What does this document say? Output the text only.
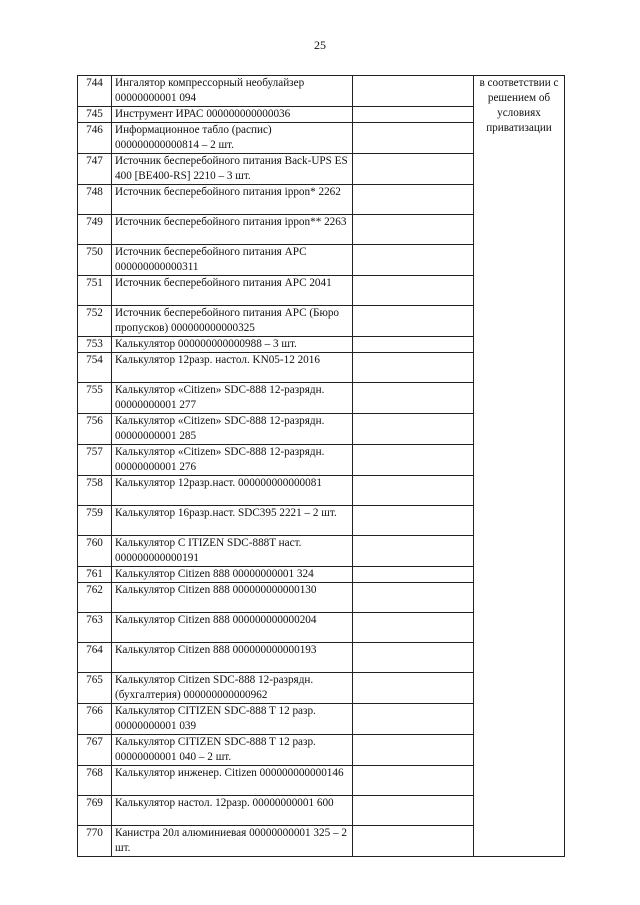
25
744	Ингалятор компрессорный необулайзер 00000000001 094		в соответствии с решением об условиях приватизации
745	Инструмент ИРАС 000000000000036		
746	Информационное табло (распис) 000000000000814 – 2 шт.		
747	Источник бесперебойного питания Back-UPS ES 400 [BE400-RS] 2210 – 3 шт.		
748	Источник бесперебойного питания ippon* 2262		
749	Источник бесперебойного питания ippon** 2263		
750	Источник бесперебойного питания АРС 000000000000311		
751	Источник бесперебойного питания АРС 2041		
752	Источник бесперебойного питания АРС (Бюро пропусков) 000000000000325		
753	Калькулятор 000000000000988 – 3 шт.		
754	Калькулятор 12разр. настол. KN05-12 2016		
755	Калькулятор «Citizen» SDC-888 12-разрядн. 00000000001 277		
756	Калькулятор «Citizen» SDC-888 12-разрядн. 00000000001 285		
757	Калькулятор «Citizen» SDC-888 12-разрядн. 00000000001 276		
758	Калькулятор 12разр.наст. 000000000000081		
759	Калькулятор 16разр.наст. SDC395 2221 – 2 шт.		
760	Калькулятор C ITIZEN SDC-888T наст. 000000000000191		
761	Калькулятор Citizen 888 00000000001 324		
762	Калькулятор Citizen 888 000000000000130		
763	Калькулятор Citizen 888 000000000000204		
764	Калькулятор Citizen 888 000000000000193		
765	Калькулятор Citizen SDC-888 12-разрядн. (бухгалтерия) 000000000000962		
766	Калькулятор CITIZEN SDC-888 T 12 разр. 00000000001 039		
767	Калькулятор CITIZEN SDC-888 T 12 разр. 00000000001 040 – 2 шт.		
768	Калькулятор инженер. Citizen 000000000000146		
769	Калькулятор настол. 12разр. 00000000001 600		
770	Канистра 20л алюминиевая 00000000001 325 – 2 шт.		
